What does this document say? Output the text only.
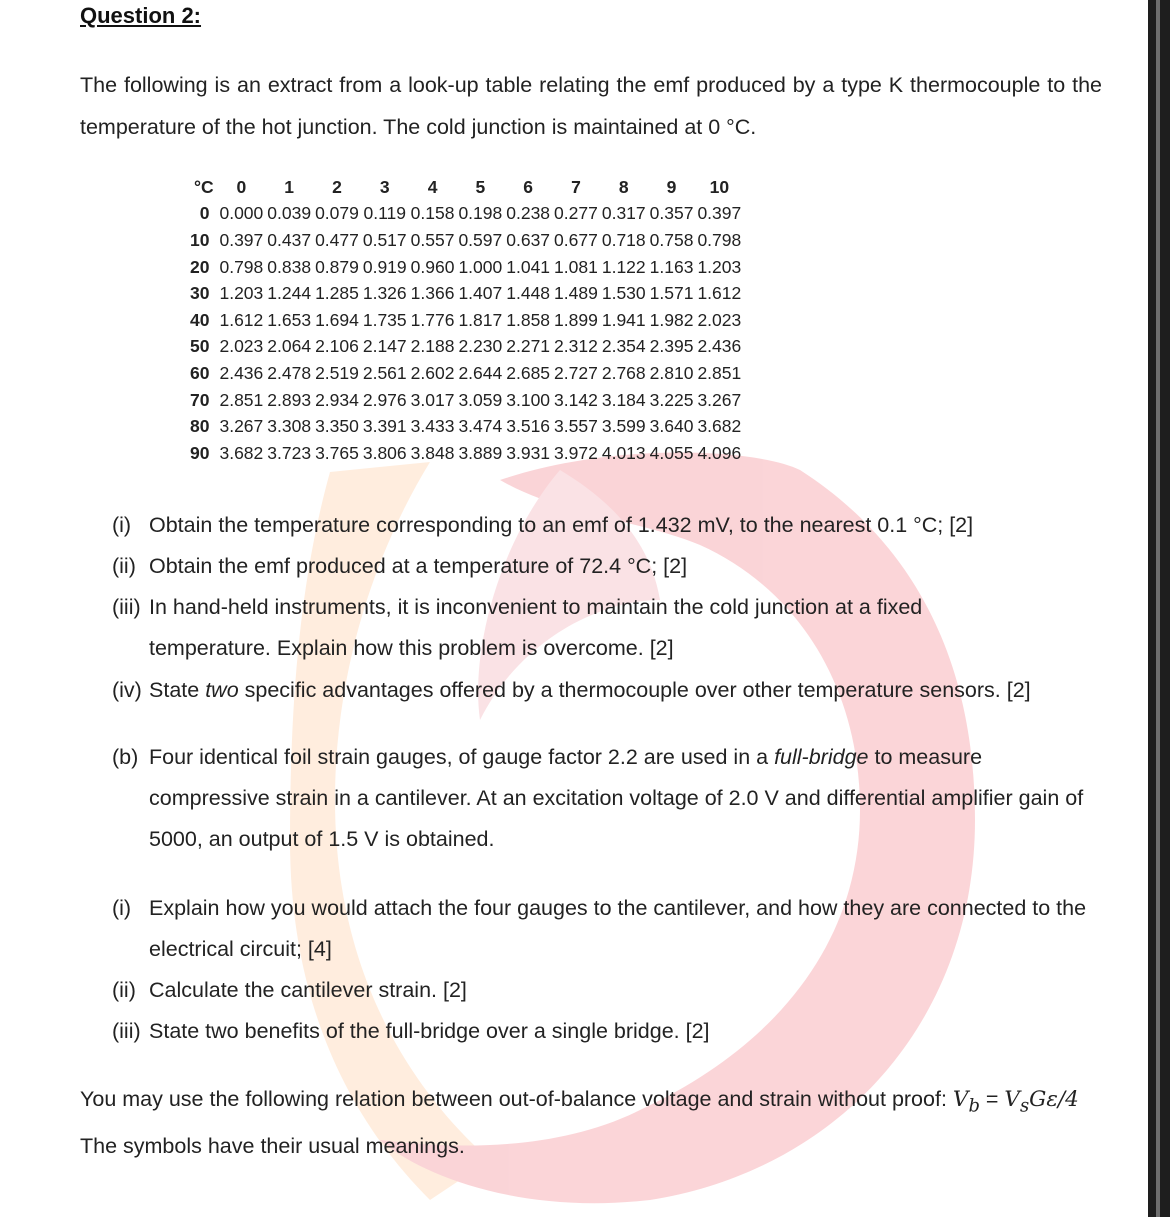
Question 2:

The following is an extract from a look-up table relating the emf produced by a type K thermocouple to the temperature of the hot junction. The cold junction is maintained at 0 °C.

°C	0	1	2	3	4	5	6	7	8	9	10
0	0.000	0.039	0.079	0.119	0.158	0.198	0.238	0.277	0.317	0.357	0.397
10	0.397	0.437	0.477	0.517	0.557	0.597	0.637	0.677	0.718	0.758	0.798
20	0.798	0.838	0.879	0.919	0.960	1.000	1.041	1.081	1.122	1.163	1.203
30	1.203	1.244	1.285	1.326	1.366	1.407	1.448	1.489	1.530	1.571	1.612
40	1.612	1.653	1.694	1.735	1.776	1.817	1.858	1.899	1.941	1.982	2.023
50	2.023	2.064	2.106	2.147	2.188	2.230	2.271	2.312	2.354	2.395	2.436
60	2.436	2.478	2.519	2.561	2.602	2.644	2.685	2.727	2.768	2.810	2.851
70	2.851	2.893	2.934	2.976	3.017	3.059	3.100	3.142	3.184	3.225	3.267
80	3.267	3.308	3.350	3.391	3.433	3.474	3.516	3.557	3.599	3.640	3.682
90	3.682	3.723	3.765	3.806	3.848	3.889	3.931	3.972	4.013	4.055	4.096
(i) Obtain the temperature corresponding to an emf of 1.432 mV, to the nearest 0.1 °C; [2]
(ii) Obtain the emf produced at a temperature of 72.4 °C; [2]
(iii) In hand-held instruments, it is inconvenient to maintain the cold junction at a fixed temperature. Explain how this problem is overcome. [2]
(iv) State two specific advantages offered by a thermocouple over other temperature sensors. [2]
(b) Four identical foil strain gauges, of gauge factor 2.2 are used in a full-bridge to measure compressive strain in a cantilever. At an excitation voltage of 2.0 V and differential amplifier gain of 5000, an output of 1.5 V is obtained.
(i) Explain how you would attach the four gauges to the cantilever, and how they are connected to the electrical circuit; [4]
(ii) Calculate the cantilever strain. [2]
(iii) State two benefits of the full-bridge over a single bridge. [2]

You may use the following relation between out-of-balance voltage and strain without proof: $V_b = V_sG\varepsilon/4$ The symbols have their usual meanings.
